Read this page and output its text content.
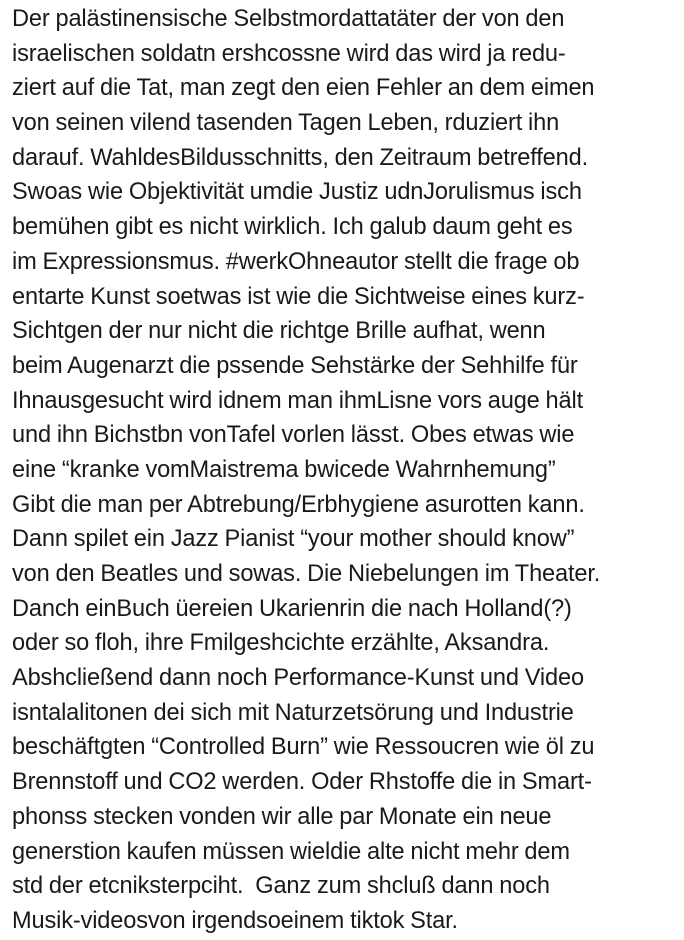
Der palästinensische Selbstmordattatäter der von den
israelischen soldatn ershcossne wird das wird ja redu-
ziert auf die Tat, man zegt den eien Fehler an dem eimen
von seinen vilend tasenden Tagen Leben, rduziert ihn
darauf. WahldesBildusschnitts, den Zeitraum betreffend.
Swoas wie Objektivität umdie Justiz udnJorulismus isch
bemühen gibt es nicht wirklich. Ich galub daum geht es
im Expressionsmus. #werkOhneautor stellt die frage ob
entarte Kunst soetwas ist wie die Sichtweise eines kurz-
Sichtgen der nur nicht die richtge Brille aufhat, wenn
beim Augenarzt die pssende Sehstärke der Sehhilfe für
Ihnausgesucht wird idnem man ihmLisne vors auge hält
und ihn Bichstbn vonTafel vorlen lässt. Obes etwas wie
eine “kranke vomMaistrema bwicede Wahrnhemung”
Gibt die man per Abtrebung/Erbhygiene asurotten kann.
Dann spilet ein Jazz Pianist “your mother should know”
von den Beatles und sowas. Die Niebelungen im Theater.
Danch einBuch üereien Ukarienrin die nach Holland(?)
oder so floh, ihre Fmilgeshcichte erzählte, Aksandra.
Abshcließend dann noch Performance-Kunst und Video
isntalalitonen dei sich mit Naturzetsörung und Industrie
beschäftgten “Controlled Burn” wie Ressoucren wie öl zu
Brennstoff und CO2 werden. Oder Rhstoffe die in Smart-
phonss stecken vonden wir alle par Monate ein neue
generstion kaufen müssen wieldie alte nicht mehr dem
std der etcniksterpciht.  Ganz zum shcluß dann noch
Musik-videosvon irgendsoeinem tiktok Star.
